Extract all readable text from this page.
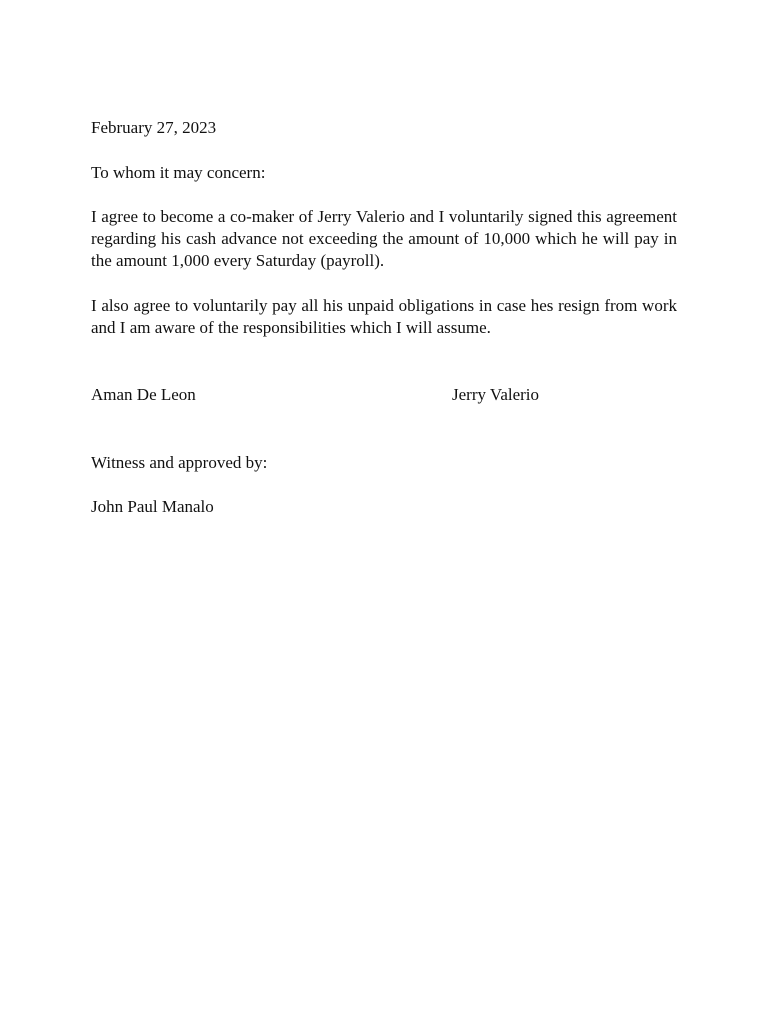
February 27, 2023
To whom it may concern:

I agree to become a co-maker of Jerry Valerio and I voluntarily signed this agreement regarding his cash advance not exceeding the amount of 10,000 which he will pay in the amount 1,000 every Saturday (payroll).

I also agree to voluntarily pay all his unpaid obligations in case hes resign from work and I am aware of the responsibilities which I will assume.

Aman De Leon	Jerry Valerio
Witness and approved by:
John Paul Manalo
